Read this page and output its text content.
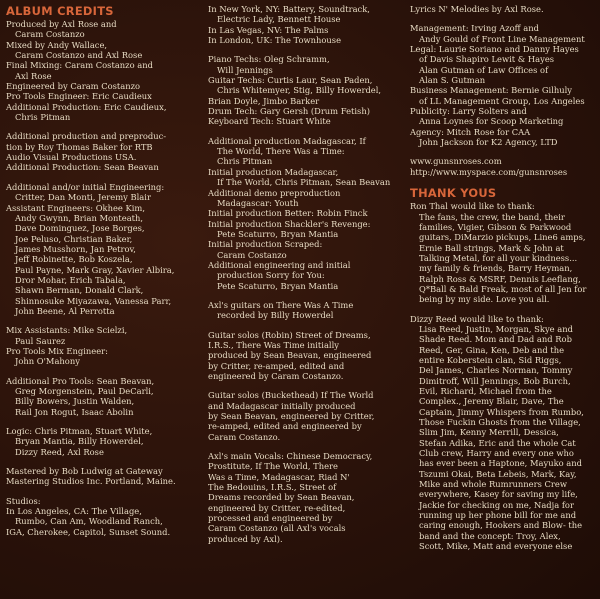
ALBUM CREDITS
Produced by Axl Rose and
Caram Costanzo
Mixed by Andy Wallace,
Caram Costanzo and Axl Rose
Final Mixing: Caram Costanzo and
Axl Rose
Engineered by Caram Costanzo
Pro Tools Engineer: Eric Caudieux
Additional Production: Eric Caudieux,
Chris Pitman
Additional production and preproduc-
tion by Roy Thomas Baker for RTB
Audio Visual Productions USA.
Additional Production: Sean Beavan
Additional and/or initial Engineering:
Critter, Dan Monti, Jeremy Blair
Assistant Engineers: Okhee Kim,
Andy Gwynn, Brian Monteath,
Dave Dominguez, Jose Borges,
Joe Peluso, Christian Baker,
James Musshorn, Jan Petrov,
Jeff Robinette, Bob Koszela,
Paul Payne, Mark Gray, Xavier Albira,
Dror Mohar, Erich Tabala,
Shawn Berman, Donald Clark,
Shinnosuke Miyazawa, Vanessa Parr,
John Beene, Al Perrotta
Mix Assistants: Mike Scielzi,
Paul Saurez
Pro Tools Mix Engineer:
John O'Mahony
Additional Pro Tools: Sean Beavan,
Greg Morgenstein, Paul DeCarli,
Billy Bowers, Justin Walden,
Rail Jon Rogut, Isaac Abolin
Logic: Chris Pitman, Stuart White,
Bryan Mantia, Billy Howerdel,
Dizzy Reed, Axl Rose
Mastered by Bob Ludwig at Gateway
Mastering Studios Inc. Portland, Maine.
Studios:
In Los Angeles, CA: The Village,
Rumbo, Can Am, Woodland Ranch,
IGA, Cherokee, Capitol, Sunset Sound.
In New York, NY: Battery, Soundtrack,
Electric Lady, Bennett House
In Las Vegas, NV: The Palms
In London, UK: The Townhouse
Piano Techs: Oleg Schramm,
Will Jennings
Guitar Techs: Curtis Laur, Sean Paden,
Chris Whitemyer, Stig, Billy Howerdel,
Brian Doyle, Jimbo Barker
Drum Tech: Gary Gersh (Drum Fetish)
Keyboard Tech: Stuart White
Additional production Madagascar, If
The World, There Was a Time:
Chris Pitman
Initial production Madagascar,
If The World, Chris Pitman, Sean Beavan
Additional demo preproduction
Madagascar: Youth
Initial production Better: Robin Finck
Initial production Shackler's Revenge:
Pete Scaturro, Bryan Mantia
Initial production Scraped:
Caram Costanzo
Additional engineering and initial
production Sorry for You:
Pete Scaturro, Bryan Mantia
Axl's guitars on There Was A Time
recorded by Billy Howerdel
Guitar solos (Robin) Street of Dreams,
I.R.S., There Was Time initially
produced by Sean Beavan, engineered
by Critter, re-amped, edited and
engineered by Caram Costanzo.
Guitar solos (Buckethead) If The World
and Madagascar initially produced
by Sean Beavan, engineered by Critter,
re-amped, edited and engineered by
Caram Costanzo.
Axl's main Vocals: Chinese Democracy,
Prostitute, If The World, There
Was a Time, Madagascar, Riad N'
The Bedouins, I.R.S., Street of
Dreams recorded by Sean Beavan,
engineered by Critter, re-edited,
processed and engineered by
Caram Costanzo (all Axl's vocals
produced by Axl).
Lyrics N' Melodies by Axl Rose.
Management: Irving Azoff and
Andy Gould of Front Line Management
Legal: Laurie Soriano and Danny Hayes
of Davis Shapiro Lewit & Hayes
Alan Gutman of Law Offices of
Alan S. Gutman
Business Management: Bernie Gilhuly
of LL Management Group, Los Angeles
Publicity: Larry Solters and
Anna Loynes for Scoop Marketing
Agency: Mitch Rose for CAA
John Jackson for K2 Agency, LTD
www.gunsnroses.com
http://www.myspace.com/gunsnroses
THANK YOUS
Ron Thal would like to thank:
The fans, the crew, the band, their
families, Vigier, Gibson & Parkwood
guitars, DiMarzio pickups, Line6 amps,
Ernie Ball strings, Mark & John at
Talking Metal, for all your kindness...
my family & friends, Barry Heyman,
Ralph Ross & MSRF, Dennis Leeflang,
Q*Ball & Bald Freak, most of all Jen for
being by my side. Love you all.
Dizzy Reed would like to thank:
Lisa Reed, Justin, Morgan, Skye and
Shade Reed. Mom and Dad and Rob
Reed, Ger, Gina, Ken, Deb and the
entire Koberstein clan, Sid Riggs,
Del James, Charles Norman, Tommy
Dimitroff, Will Jennings, Bob Burch,
Evil, Richard, Michael from the
Complex., Jeremy Blair, Dave, The
Captain, Jimmy Whispers from Rumbo,
Those Fuckin Ghosts from the Village,
Slim Jim, Kenny Merrill, Dessica,
Stefan Adika, Eric and the whole Cat
Club crew, Harry and every one who
has ever been a Haptone, Mayuko and
Tszumi Okai, Beta Lebeis, Mark, Kay,
Mike and whole Rumrunners Crew
everywhere, Kasey for saving my life,
Jackie for checking on me, Nadja for
running up her phone bill for me and
caring enough, Hookers and Blow- the
band and the concept: Troy, Alex,
Scott, Mike, Matt and everyone else
